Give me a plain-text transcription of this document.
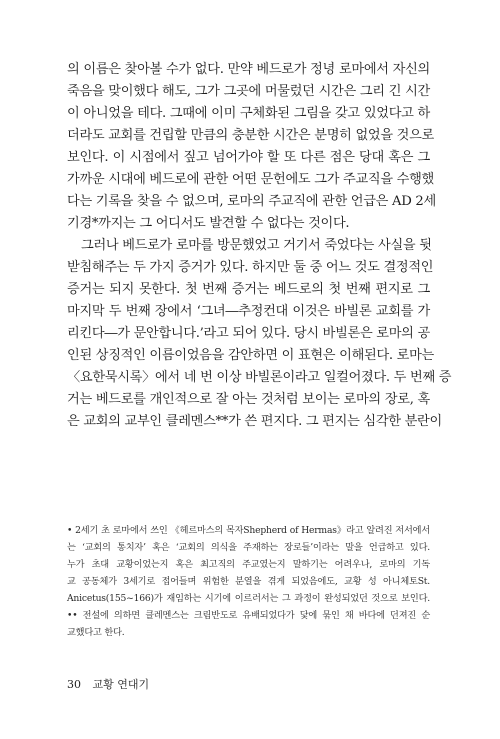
의 이름은 찾아볼 수가 없다. 만약 베드로가 정녕 로마에서 자신의
죽음을 맞이했다 해도, 그가 그곳에 머물렀던 시간은 그리 긴 시간
이 아니었을 테다. 그때에 이미 구체화된 그림을 갖고 있었다고 하
더라도 교회를 건립할 만큼의 충분한 시간은 분명히 없었을 것으로
보인다. 이 시점에서 짚고 넘어가야 할 또 다른 점은 당대 혹은 그
가까운 시대에 베드로에 관한 어떤 문헌에도 그가 주교직을 수행했
다는 기록을 찾을 수 없으며, 로마의 주교직에 관한 언급은 AD 2세
기경*까지는 그 어디서도 발견할 수 없다는 것이다.
그러나 베드로가 로마를 방문했었고 거기서 죽었다는 사실을 뒷
받침해주는 두 가지 증거가 있다. 하지만 둘 중 어느 것도 결정적인
증거는 되지 못한다. 첫 번째 증거는 베드로의 첫 번째 편지로 그
마지막 두 번째 장에서 ‘그녀―추정컨대 이것은 바빌론 교회를 가
리킨다―가 문안합니다.’라고 되어 있다. 당시 바빌론은 로마의 공
인된 상징적인 이름이었음을 감안하면 이 표현은 이해된다. 로마는
〈요한묵시록〉에서 네 번 이상 바빌론이라고 일컬어졌다. 두 번째 증
거는 베드로를 개인적으로 잘 아는 것처럼 보이는 로마의 장로, 혹
은 교회의 교부인 클레멘스**가 쓴 편지다. 그 편지는 심각한 분란이
• 2세기 초 로마에서 쓰인 《헤르마스의 목자Shepherd of Hermas》라고 알려진 저서에서
는 ‘교회의 통치자’ 혹은 ‘교회의 의식을 주재하는 장로들’이라는 말을 언급하고 있다.
누가 초대 교황이었는지 혹은 최고직의 주교였는지 말하기는 어려우나, 로마의 기독
교 공동체가 3세기로 접어들며 위험한 분열을 겪게 되었음에도, 교황 성 아니체토St.
Anicetus(155~166)가 재임하는 시기에 이르러서는 그 과정이 완성되었던 것으로 보인다.
•• 전설에 의하면 클레멘스는 크림반도로 유배되었다가 닻에 묶인 채 바다에 던져진 순
교했다고 한다.
30 교황 연대기
